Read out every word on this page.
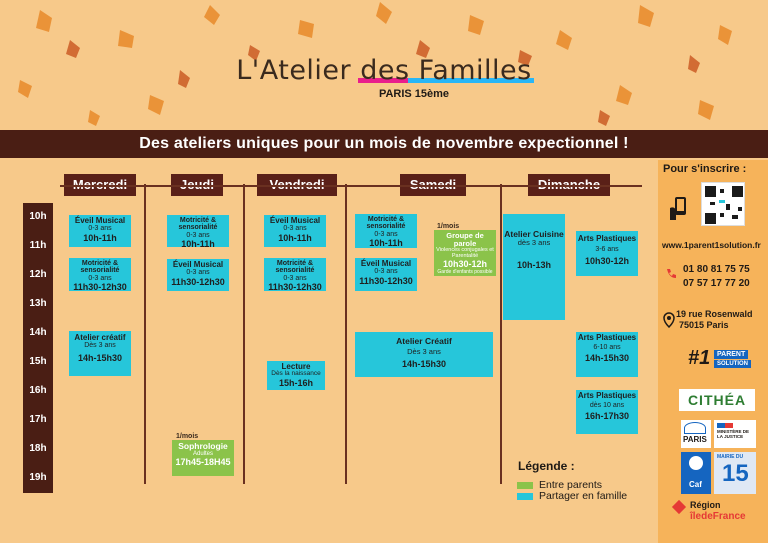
L'Atelier des Familles
PARIS 15ème
Des ateliers uniques pour un mois de novembre expectionnel !
10h
11h
12h
13h
14h
15h
16h
17h
18h
19h
Éveil Musical
0-3 ans
10h-11h
Motricité & sensorialité
0-3 ans
11h30-12h30
Atelier créatif
Dès 3 ans
14h-15h30
Motricité & sensorialité
0-3 ans
10h-11h
Éveil Musical
0-3 ans
11h30-12h30
1/mois
Sophrologie
Adultes
17h45-18H45
Éveil Musical
0-3 ans
10h-11h
Motricité & sensorialité
0-3 ans
11h30-12h30
Lecture
Dès la naissance
15h-16h
Motricité & sensorialité
0-3 ans
10h-11h
1/mois
Groupe de parole
Violences conjugales et Parentalité
10h30-12h
Garde d'enfants possible
Éveil Musical
0-3 ans
11h30-12h30
Atelier Créatif
Dès 3 ans
14h-15h30
Atelier Cuisine
dès 3 ans
10h-13h
Arts Plastiques
3-6 ans
10h30-12h
Arts Plastiques
6-10 ans
14h-15h30
Arts Plastiques
dès 10 ans
16h-17h30
Légende :
Entre parents
Partager en famille
Pour s'inscrire :
www.1parent1solution.fr
01 80 81 75 75
07 57 17 77 20
19 rue Rosenwald
75015 Paris
#1 PARENT
SOLUTION
CITHÉA
PARIS
MINISTÈRE DE LA JUSTICE
Caf
MAIRIE DU
15
Région
îledeFrance
